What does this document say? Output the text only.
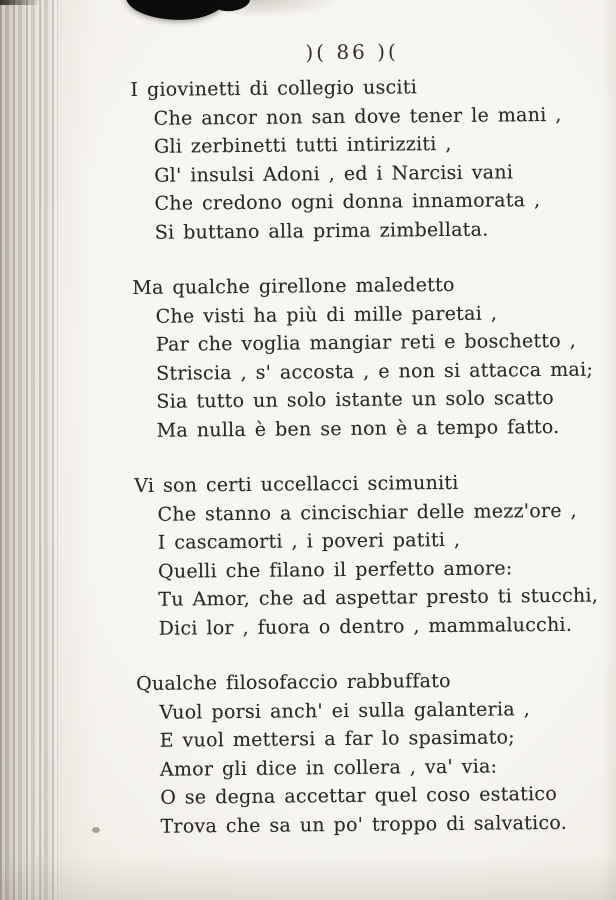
)( 86 )(
I giovinetti di collegio usciti
Che ancor non san dove tener le mani ,
Gli zerbinetti tutti intirizziti ,
Gl' insulsi Adoni , ed i Narcisi vani
Che credono ogni donna innamorata ,
Si buttano alla prima zimbellata.
Ma qualche girellone maledetto
Che visti ha più di mille paretai ,
Par che voglia mangiar reti e boschetto ,
Striscia , s' accosta , e non si attacca mai;
Sia tutto un solo istante un solo scatto
Ma nulla è ben se non è a tempo fatto.
Vi son certi uccellacci scimuniti
Che stanno a cincischiar delle mezz'ore ,
I cascamorti , i poveri patiti ,
Quelli che filano il perfetto amore:
Tu Amor, che ad aspettar presto ti stucchi,
Dici lor , fuora o dentro , mammalucchi.
Qualche filosofaccio rabbuffato
Vuol porsi anch' ei sulla galanteria ,
E vuol mettersi a far lo spasimato;
Amor gli dice in collera , va' via:
O se degna accettar quel coso estatico
Trova che sa un po' troppo di salvatico.
